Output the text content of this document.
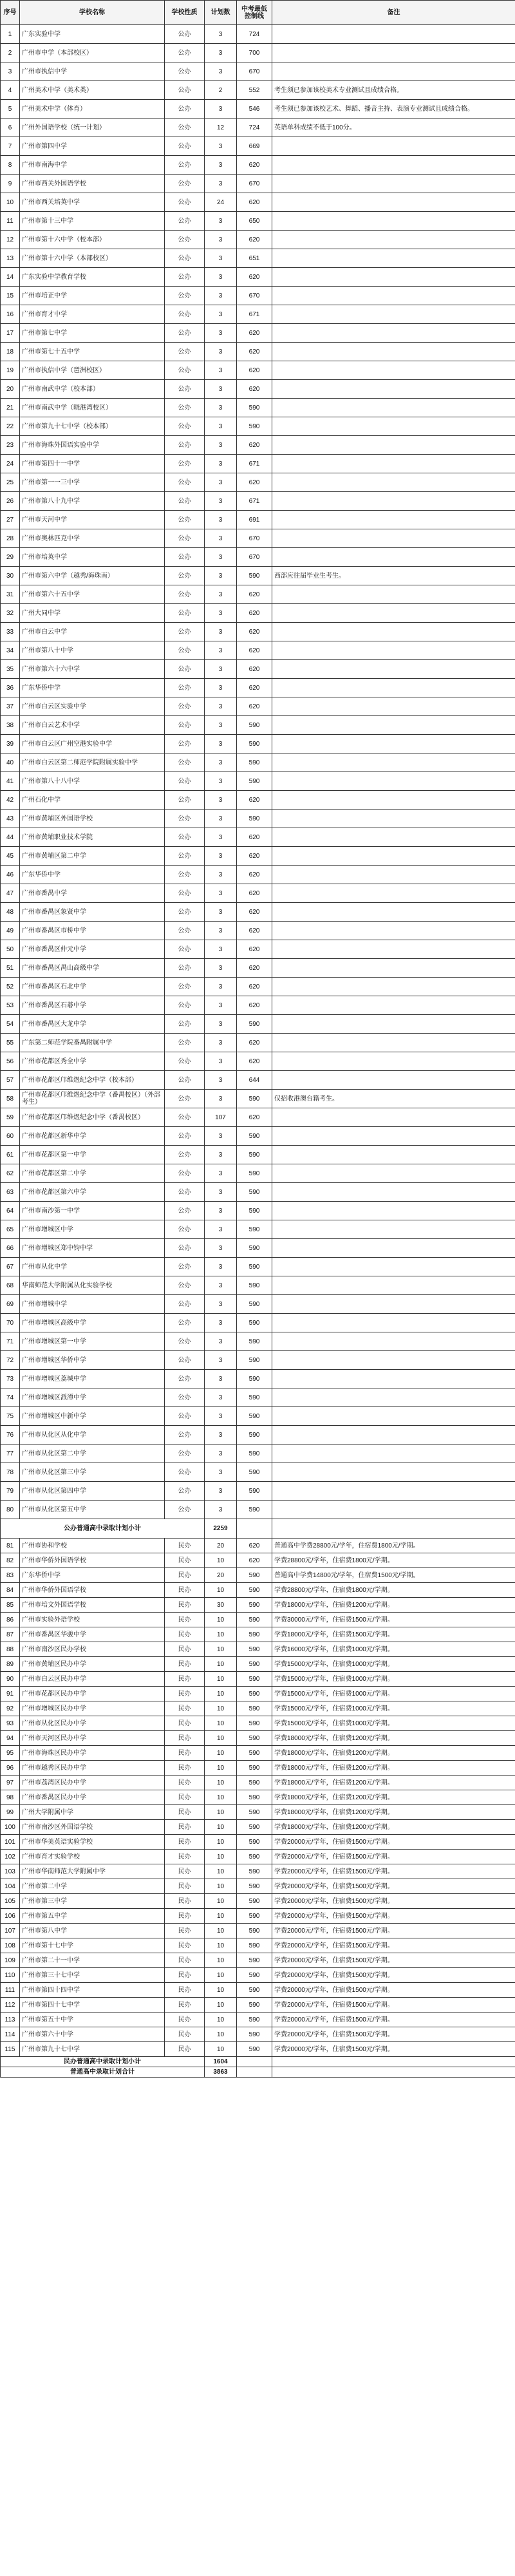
序号	学校名称	学校性质	计划数	中考最低控制线	备注
1	广东实验中学	公办	3	724	
2	广州市中学（本部校区）	公办	3	700	
3	广州市执信中学	公办	3	670	
4	广州美术中学（美术类）	公办	2	552	考生须已参加该校美术专业测试且成绩合格。
5	广州美术中学（体育）	公办	3	546	考生须已参加该校艺术、舞蹈、播音主持、表演专业测试且成绩合格。
6	广州外国语学校（统一计划）	公办	12	724	英语单科成绩不低于100分。
7	广州市第四中学	公办	3	669	
8	广州市南海中学	公办	3	620	
9	广州市西关外国语学校	公办	3	670	
10	广州市西关培英中学	公办	24	620	
11	广州市第十三中学	公办	3	650	
12	广州市第十六中学（校本部）	公办	3	620	
13	广州市第十六中学（本部校区）	公办	3	651	
14	广东实验中学教育学校	公办	3	620	
15	广州市培正中学	公办	3	670	
16	广州市育才中学	公办	3	671	
17	广州市第七中学	公办	3	620	
18	广州市第七十五中学	公办	3	620	
19	广州市执信中学（琶洲校区）	公办	3	620	
20	广州市南武中学（校本部）	公办	3	620	
21	广州市南武中学（晓港湾校区）	公办	3	590	
22	广州市第九十七中学（校本部）	公办	3	590	
23	广州市海珠外国语实验中学	公办	3	620	
24	广州市第四十一中学	公办	3	671	
25	广州市第一一三中学	公办	3	620	
26	广州市第八十九中学	公办	3	671	
27	广州市天河中学	公办	3	691	
28	广州市奥林匹克中学	公办	3	670	
29	广州市培英中学	公办	3	670	
30	广州市第六中学（越秀/海珠南）	公办	3	590	西部应往届毕业生考生。
31	广州市第六十五中学	公办	3	620	
32	广州大同中学	公办	3	620	
33	广州市白云中学	公办	3	620	
34	广州市第八十中学	公办	3	620	
35	广州市第六十六中学	公办	3	620	
36	广东华侨中学	公办	3	620	
37	广州市白云区实验中学	公办	3	620	
38	广州市白云艺术中学	公办	3	590	
39	广州市白云区广州空港实验中学	公办	3	590	
40	广州市白云区第二师范学院附属实验中学	公办	3	590	
41	广州市第八十八中学	公办	3	590	
42	广州石化中学	公办	3	620	
43	广州市黄埔区外国语学校	公办	3	590	
44	广州市黄埔职业技术学院	公办	3	620	
45	广州市黄埔区第二中学	公办	3	620	
46	广东华侨中学	公办	3	620	
47	广州市番禺中学	公办	3	620	
48	广州市番禺区象贤中学	公办	3	620	
49	广州市番禺区市桥中学	公办	3	620	
50	广州市番禺区仲元中学	公办	3	620	
51	广州市番禺区禺山高级中学	公办	3	620	
52	广州市番禺区石北中学	公办	3	620	
53	广州市番禺区石碁中学	公办	3	620	
54	广州市番禺区大龙中学	公办	3	590	
55	广东第二师范学院番禺附属中学	公办	3	620	
56	广州市花都区秀全中学	公办	3	620	
57	广州市花都区邝维煜纪念中学（校本部）	公办	3	644	
58	广州市花都区邝维煜纪念中学（番禺校区）（外部考生）	公办	3	590	仅招收港澳台籍考生。
59	广州市花都区邝维煜纪念中学（番禺校区）	公办	107	620	
60	广州市花都区新华中学	公办	3	590	
61	广州市花都区第一中学	公办	3	590	
62	广州市花都区第二中学	公办	3	590	
63	广州市花都区第六中学	公办	3	590	
64	广州市南沙第一中学	公办	3	590	
65	广州市增城区中学	公办	3	590	
66	广州市增城区郑中钧中学	公办	3	590	
67	广州市从化中学	公办	3	590	
68	华南师范大学附属从化实验学校	公办	3	590	
69	广州市增城中学	公办	3	590	
70	广州市增城区高级中学	公办	3	590	
71	广州市增城区第一中学	公办	3	590	
72	广州市增城区华侨中学	公办	3	590	
73	广州市增城区荔城中学	公办	3	590	
74	广州市增城区派潭中学	公办	3	590	
75	广州市增城区中新中学	公办	3	590	
76	广州市从化区从化中学	公办	3	590	
77	广州市从化区第二中学	公办	3	590	
78	广州市从化区第三中学	公办	3	590	
79	广州市从化区第四中学	公办	3	590	
80	广州市从化区第五中学	公办	3	590	
公办普通高中录取计划小计			2259		
81	广州市协和学校	民办	20	620	普通高中学费28800元/学年，住宿费1800元/学期。
82	广州市华侨外国语学校	民办	10	620	学费28800元/学年，住宿费1800元/学期。
83	广东华侨中学	民办	20	590	普通高中学费14800元/学年，住宿费1500元/学期。
84	广州市华侨外国语学校	民办	10	590	学费28800元/学年，住宿费1800元/学期。
85	广州市培文外国语学校	民办	30	590	学费18000元/学年，住宿费1200元/学期。
86	广州市实验外语学校	民办	10	590	学费30000元/学年，住宿费1500元/学期。
87	广州市番禺区华骏中学	民办	10	590	学费18000元/学年，住宿费1500元/学期。
88	广州市南沙区民办学校	民办	10	590	学费16000元/学年，住宿费1000元/学期。
89	广州市黄埔区民办中学	民办	10	590	学费15000元/学年，住宿费1000元/学期。
90	广州市白云区民办中学	民办	10	590	学费15000元/学年，住宿费1000元/学期。
91	广州市花都区民办中学	民办	10	590	学费15000元/学年，住宿费1000元/学期。
92	广州市增城区民办中学	民办	10	590	学费15000元/学年，住宿费1000元/学期。
93	广州市从化区民办中学	民办	10	590	学费15000元/学年，住宿费1000元/学期。
94	广州市天河区民办中学	民办	10	590	学费18000元/学年，住宿费1200元/学期。
95	广州市海珠区民办中学	民办	10	590	学费18000元/学年，住宿费1200元/学期。
96	广州市越秀区民办中学	民办	10	590	学费18000元/学年，住宿费1200元/学期。
97	广州市荔湾区民办中学	民办	10	590	学费18000元/学年，住宿费1200元/学期。
98	广州市番禺区民办中学	民办	10	590	学费18000元/学年，住宿费1200元/学期。
99	广州大学附属中学	民办	10	590	学费18000元/学年，住宿费1200元/学期。
100	广州市南沙区外国语学校	民办	10	590	学费18000元/学年，住宿费1200元/学期。
101	广州市华美英语实验学校	民办	10	590	学费20000元/学年，住宿费1500元/学期。
102	广州市育才实验学校	民办	10	590	学费20000元/学年，住宿费1500元/学期。
103	广州市华南师范大学附属中学	民办	10	590	学费20000元/学年，住宿费1500元/学期。
104	广州市第二中学	民办	10	590	学费20000元/学年，住宿费1500元/学期。
105	广州市第三中学	民办	10	590	学费20000元/学年，住宿费1500元/学期。
106	广州市第五中学	民办	10	590	学费20000元/学年，住宿费1500元/学期。
107	广州市第八中学	民办	10	590	学费20000元/学年，住宿费1500元/学期。
108	广州市第十七中学	民办	10	590	学费20000元/学年，住宿费1500元/学期。
109	广州市第二十一中学	民办	10	590	学费20000元/学年，住宿费1500元/学期。
110	广州市第三十七中学	民办	10	590	学费20000元/学年，住宿费1500元/学期。
111	广州市第四十四中学	民办	10	590	学费20000元/学年，住宿费1500元/学期。
112	广州市第四十七中学	民办	10	590	学费20000元/学年，住宿费1500元/学期。
113	广州市第五十中学	民办	10	590	学费20000元/学年，住宿费1500元/学期。
114	广州市第六十中学	民办	10	590	学费20000元/学年，住宿费1500元/学期。
115	广州市第九十七中学	民办	10	590	学费20000元/学年，住宿费1500元/学期。
民办普通高中录取计划小计			1604		
普通高中录取计划合计			3863		
